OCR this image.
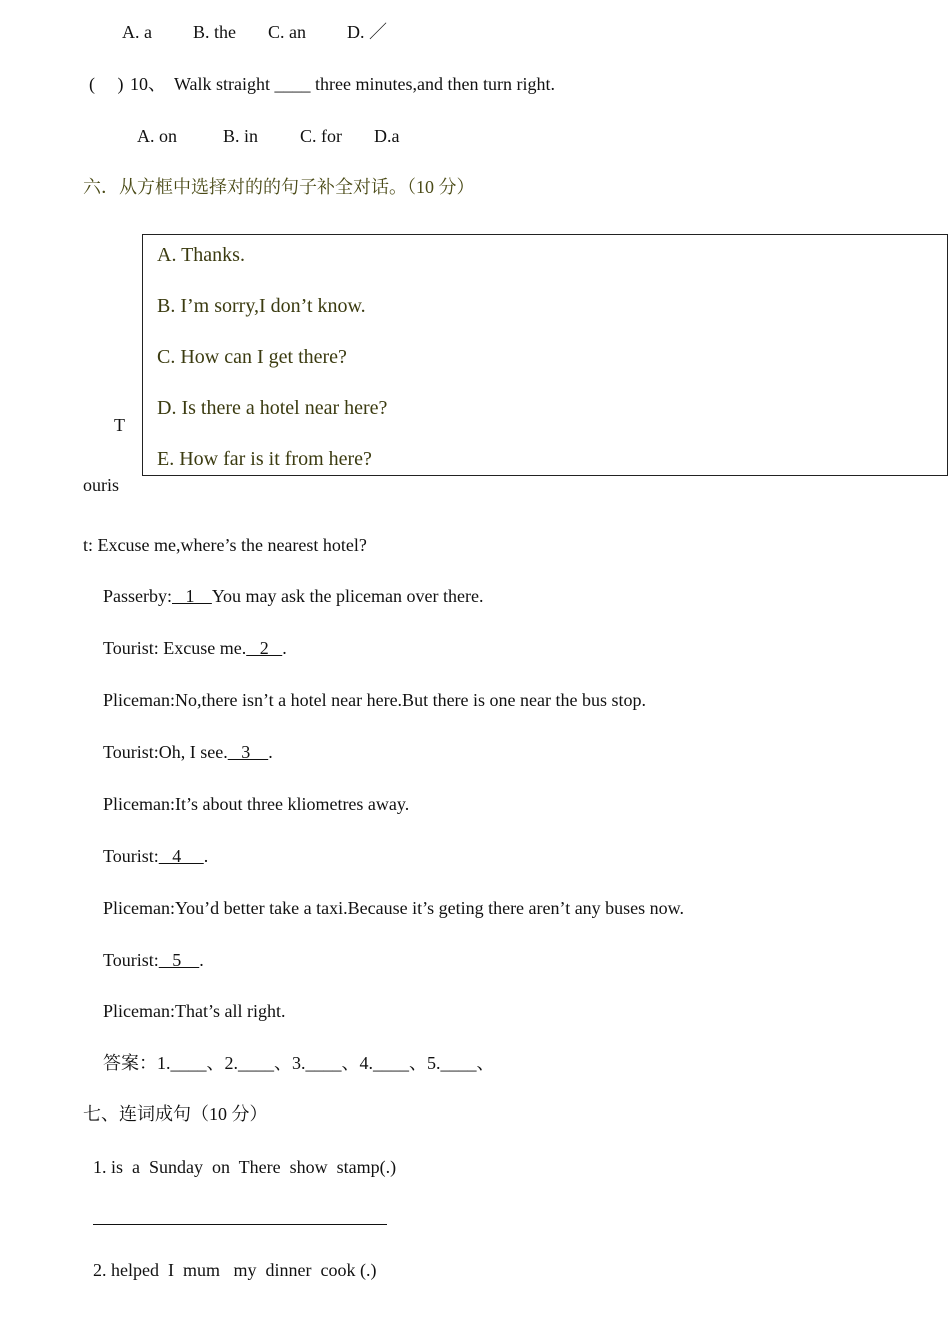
A. a B. the C. an D. ／
(     ) 10、 Walk straight ____ three minutes,and then turn right.
A. on	B. in C. for D.a
六．从方框中选择对的的句子补全对话。（10 分）
A. Thanks.
B. I’m sorry,I don’t know.
C. How can I get there?
D. Is there a hotel near here?
E. How far is it from here?
T
ouris
t: Excuse me,where’s the nearest hotel?
Passerby:   1    You may ask the pliceman over there.
Tourist: Excuse me.   2   .
Pliceman:No,there isn’t a hotel near here.But there is one near the bus stop.
Tourist:Oh, I see.   3    .
Pliceman:It’s about three kliometres away.
Tourist:   4     .
Pliceman:You’d better take a taxi.Because it’s geting there aren’t any buses now.
Tourist:   5    .
Pliceman:That’s all right.
答案：1.____、2.____、3.____、4.____、5.____、
七、连词成句（10 分）
1. is  a  Sunday  on  There  show  stamp(.)
2. helped  I  mum   my  dinner  cook (.)
